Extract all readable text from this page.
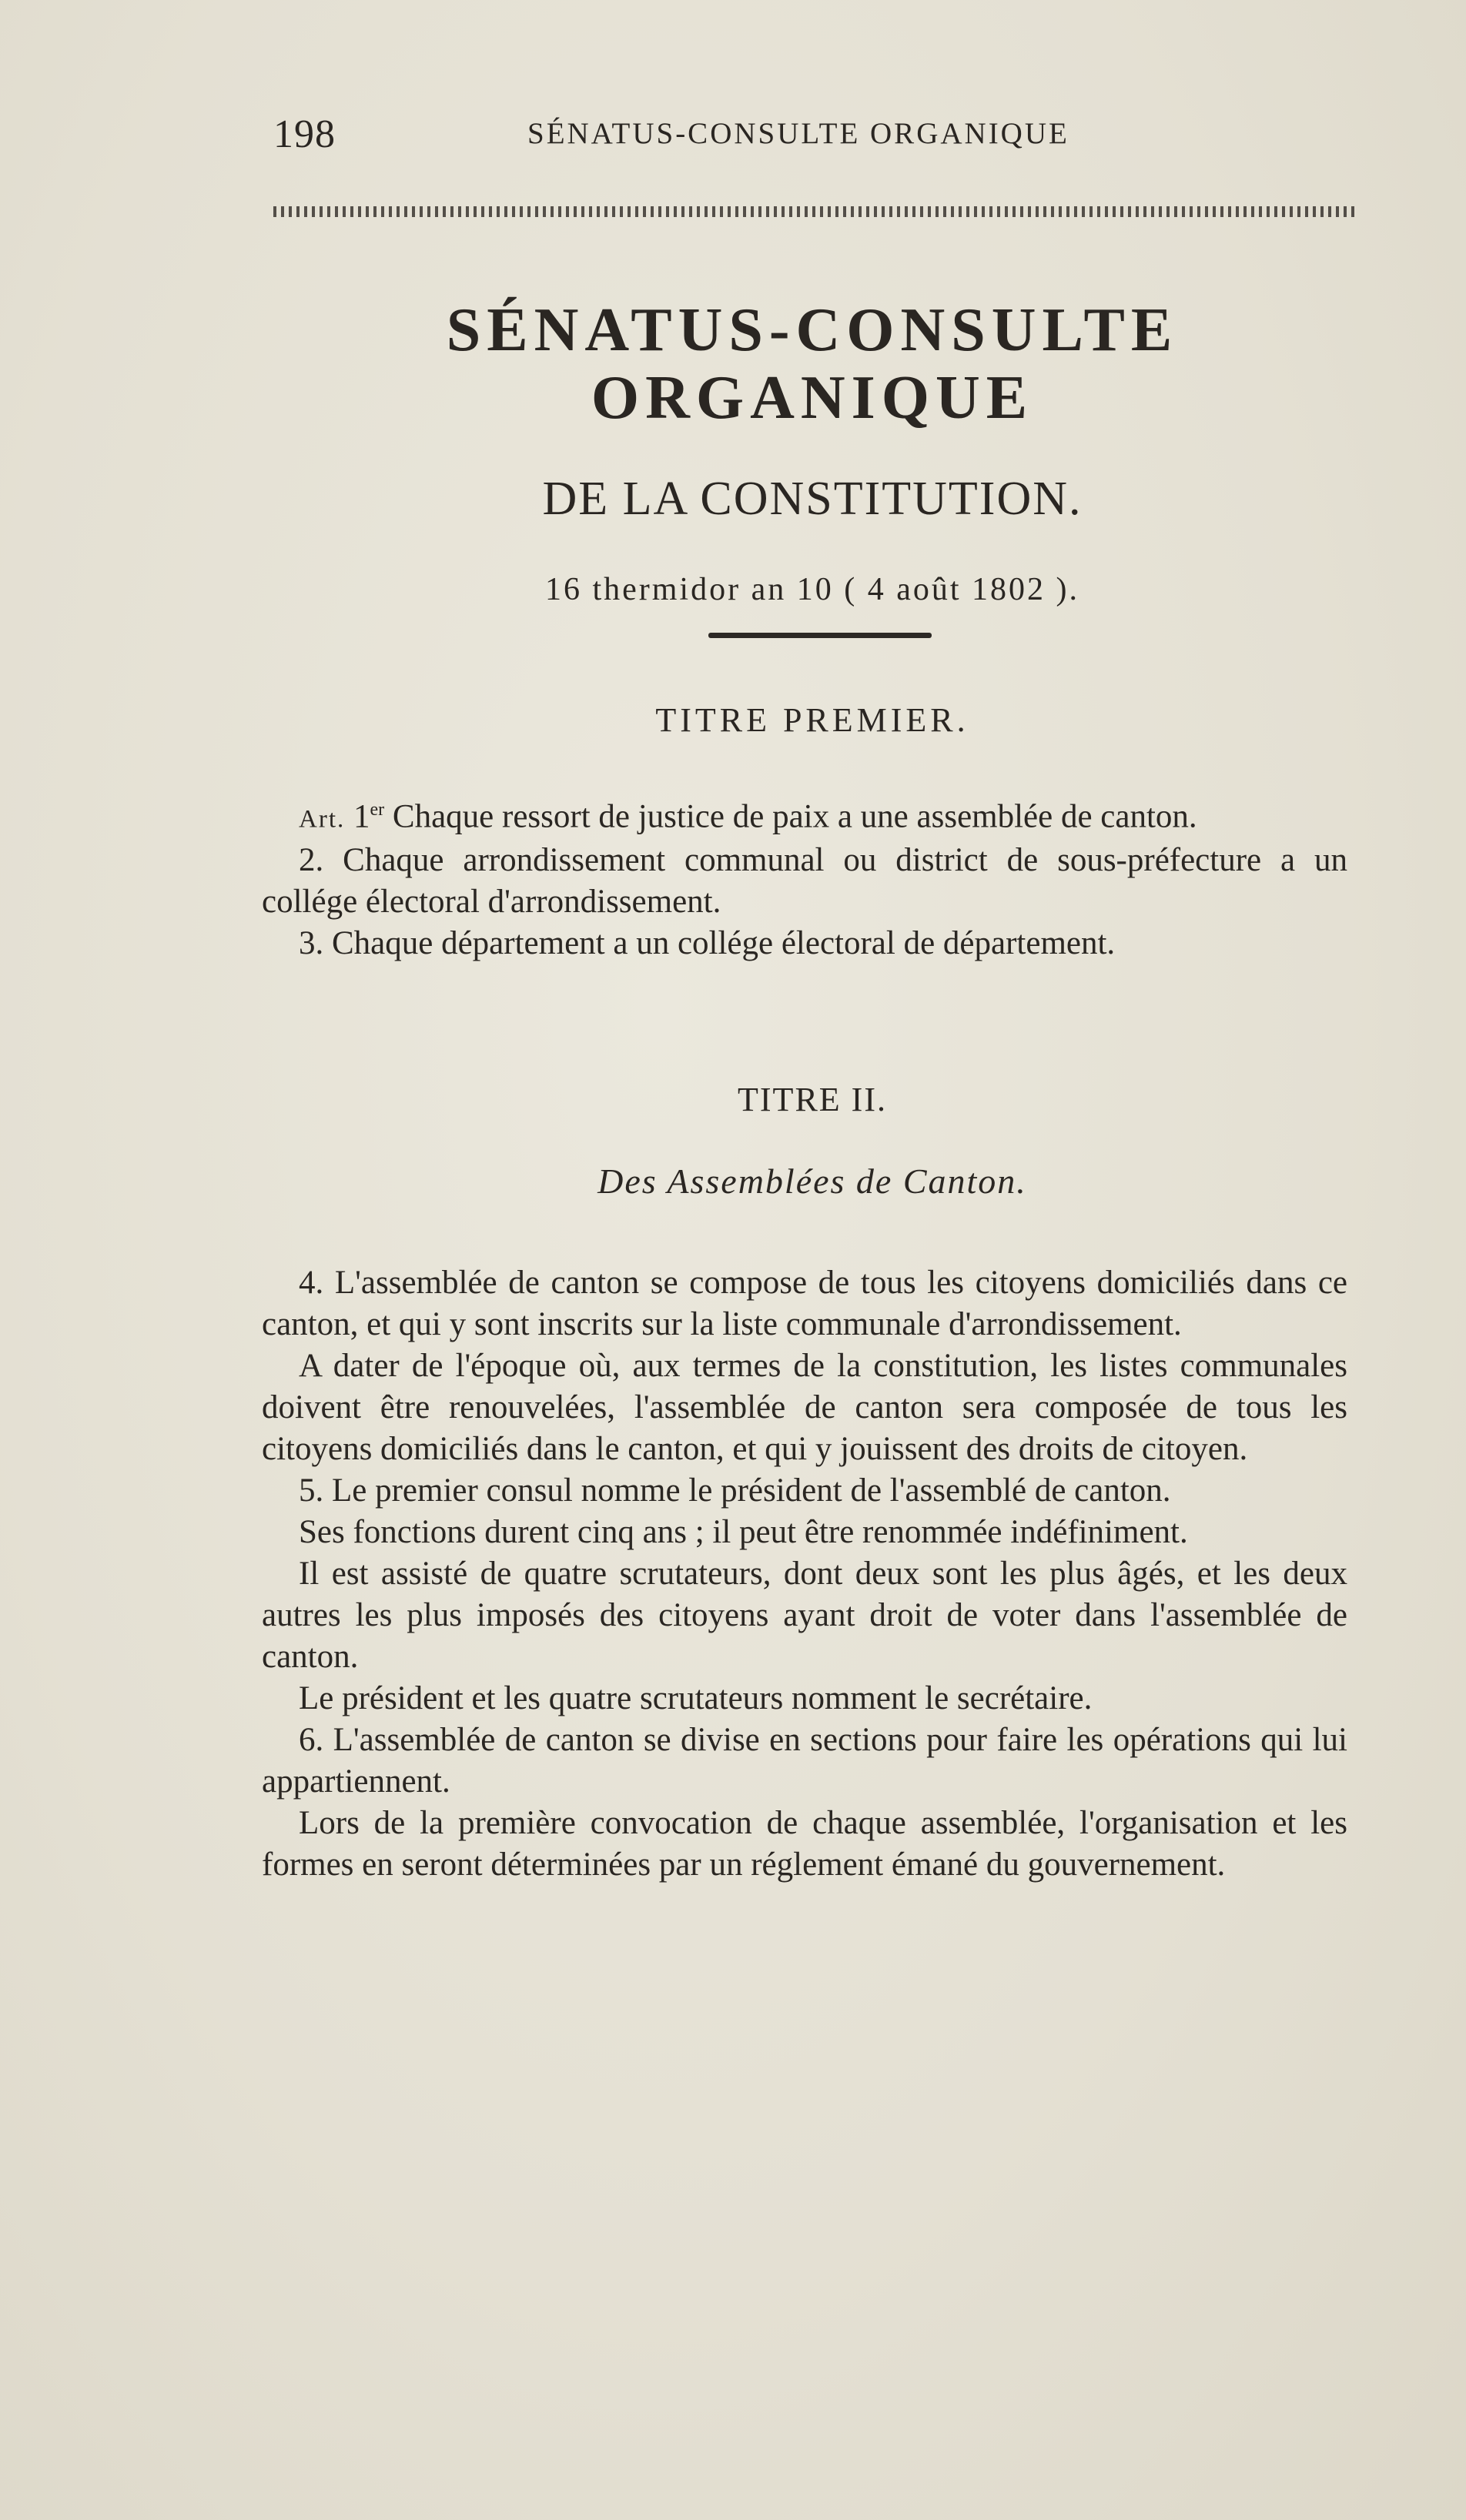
198	SÉNATUS-CONSULTE ORGANIQUE
SÉNATUS-CONSULTE ORGANIQUE
DE LA CONSTITUTION.
16 thermidor an 10 ( 4 août 1802 ).
TITRE PREMIER.

Art. 1er Chaque ressort de justice de paix a une assemblée de canton.

2. Chaque arrondissement communal ou district de sous-préfecture a un collége électoral d'arrondissement.

3. Chaque département a un collége électoral de département.

TITRE II.
Des Assemblées de Canton.

4. L'assemblée de canton se compose de tous les citoyens domiciliés dans ce canton, et qui y sont inscrits sur la liste communale d'arrondissement.

A dater de l'époque où, aux termes de la constitution, les listes communales doivent être renouvelées, l'assemblée de canton sera composée de tous les citoyens domiciliés dans le canton, et qui y jouissent des droits de citoyen.

5. Le premier consul nomme le président de l'assemblé de canton.

Ses fonctions durent cinq ans ; il peut être renommée indéfiniment.

Il est assisté de quatre scrutateurs, dont deux sont les plus âgés, et les deux autres les plus imposés des citoyens ayant droit de voter dans l'assemblée de canton.

Le président et les quatre scrutateurs nomment le secrétaire.

6. L'assemblée de canton se divise en sections pour faire les opérations qui lui appartiennent.

Lors de la première convocation de chaque assemblée, l'organisation et les formes en seront déterminées par un réglement émané du gouvernement.
